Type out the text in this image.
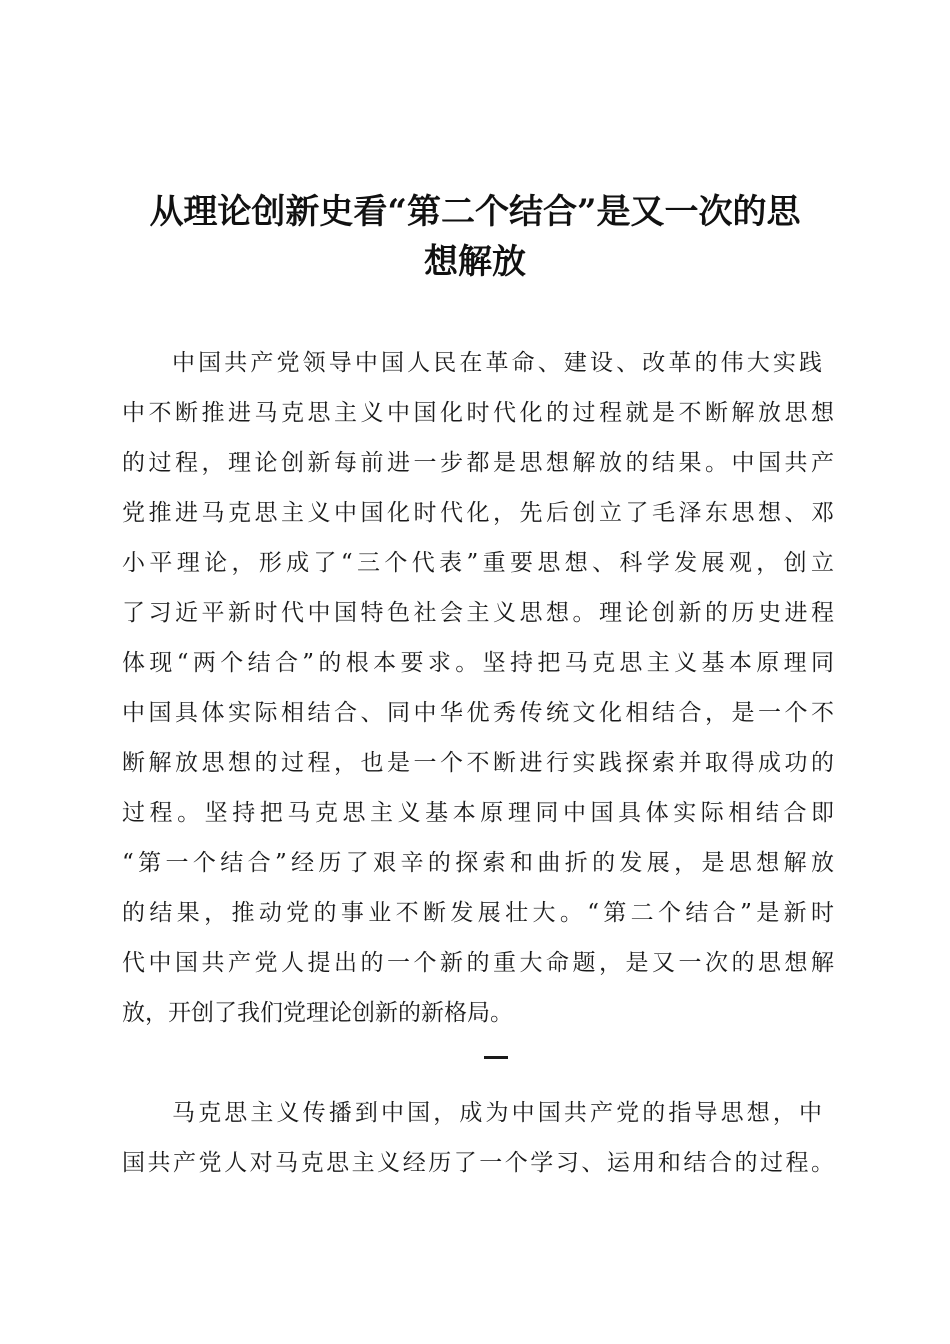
从理论创新史看“第二个结合”是又一次的思
想解放

中国共产党领导中国人民在革命、建设、改革的伟大实践

中不断推进马克思主义中国化时代化的过程就是不断解放思想

的过程，理论创新每前进一步都是思想解放的结果。中国共产

党推进马克思主义中国化时代化，先后创立了毛泽东思想、邓

小平理论，形成了“三个代表”重要思想、科学发展观，创立

了习近平新时代中国特色社会主义思想。理论创新的历史进程

体现“两个结合”的根本要求。坚持把马克思主义基本原理同

中国具体实际相结合、同中华优秀传统文化相结合，是一个不

断解放思想的过程，也是一个不断进行实践探索并取得成功的

过程。坚持把马克思主义基本原理同中国具体实际相结合即

“第一个结合”经历了艰辛的探索和曲折的发展，是思想解放

的结果，推动党的事业不断发展壮大。“第二个结合”是新时

代中国共产党人提出的一个新的重大命题，是又一次的思想解

放，开创了我们党理论创新的新格局。

马克思主义传播到中国，成为中国共产党的指导思想，中

国共产党人对马克思主义经历了一个学习、运用和结合的过程。
